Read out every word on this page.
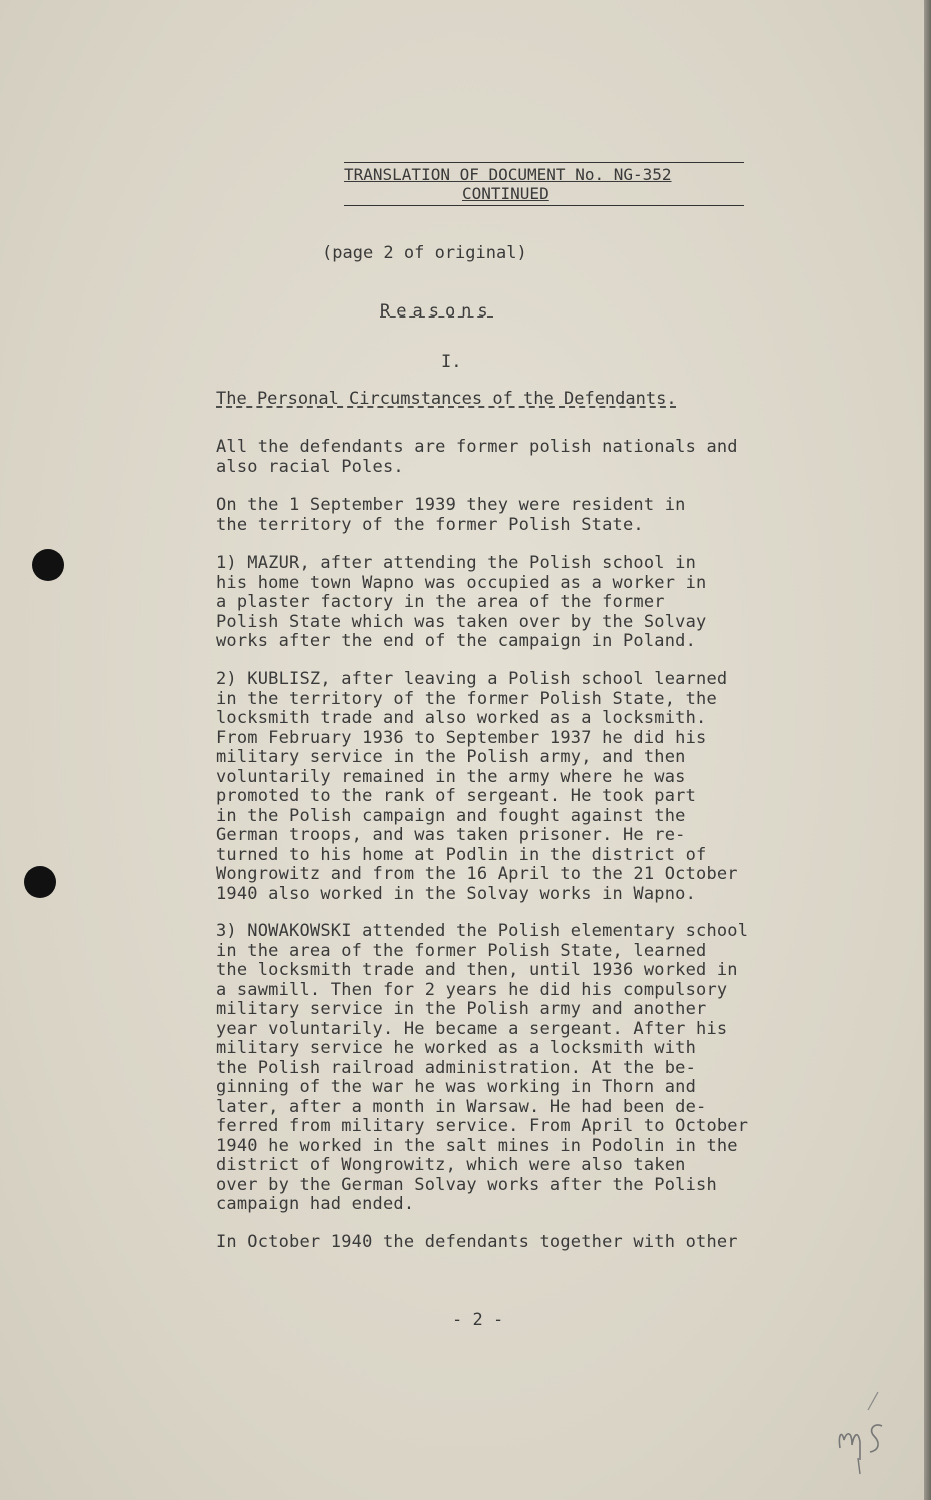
TRANSLATION OF DOCUMENT No. NG-352
CONTINUED
(page 2 of original)
Reasons
I.
The Personal Circumstances of the Defendants.
All the defendants are former polish nationals and
also racial Poles.
On the 1 September 1939 they were resident in
the territory of the former Polish State.
1) MAZUR, after attending the Polish school in
his home town Wapno was occupied as a worker in
a plaster factory in the area of the former
Polish State which was taken over by the Solvay
works after the end of the campaign in Poland.
2) KUBLISZ, after leaving a Polish school learned
in the territory of the former Polish State, the
locksmith trade and also worked as a locksmith.
From February 1936 to September 1937 he did his
military service in the Polish army, and then
voluntarily remained in the army where he was
promoted to the rank of sergeant. He took part
in the Polish campaign and fought against the
German troops, and was taken prisoner. He re-
turned to his home at Podlin in the district of
Wongrowitz and from the 16 April to the 21 October
1940 also worked in the Solvay works in Wapno.
3) NOWAKOWSKI attended the Polish elementary school
in the area of the former Polish State, learned
the locksmith trade and then, until 1936 worked in
a sawmill. Then for 2 years he did his compulsory
military service in the Polish army and another
year voluntarily. He became a sergeant. After his
military service he worked as a locksmith with
the Polish railroad administration. At the be-
ginning of the war he was working in Thorn and
later, after a month in Warsaw. He had been de-
ferred from military service. From April to October
1940 he worked in the salt mines in Podolin in the
district of Wongrowitz, which were also taken
over by the German Solvay works after the Polish
campaign had ended.
In October 1940 the defendants together with other
- 2 -
